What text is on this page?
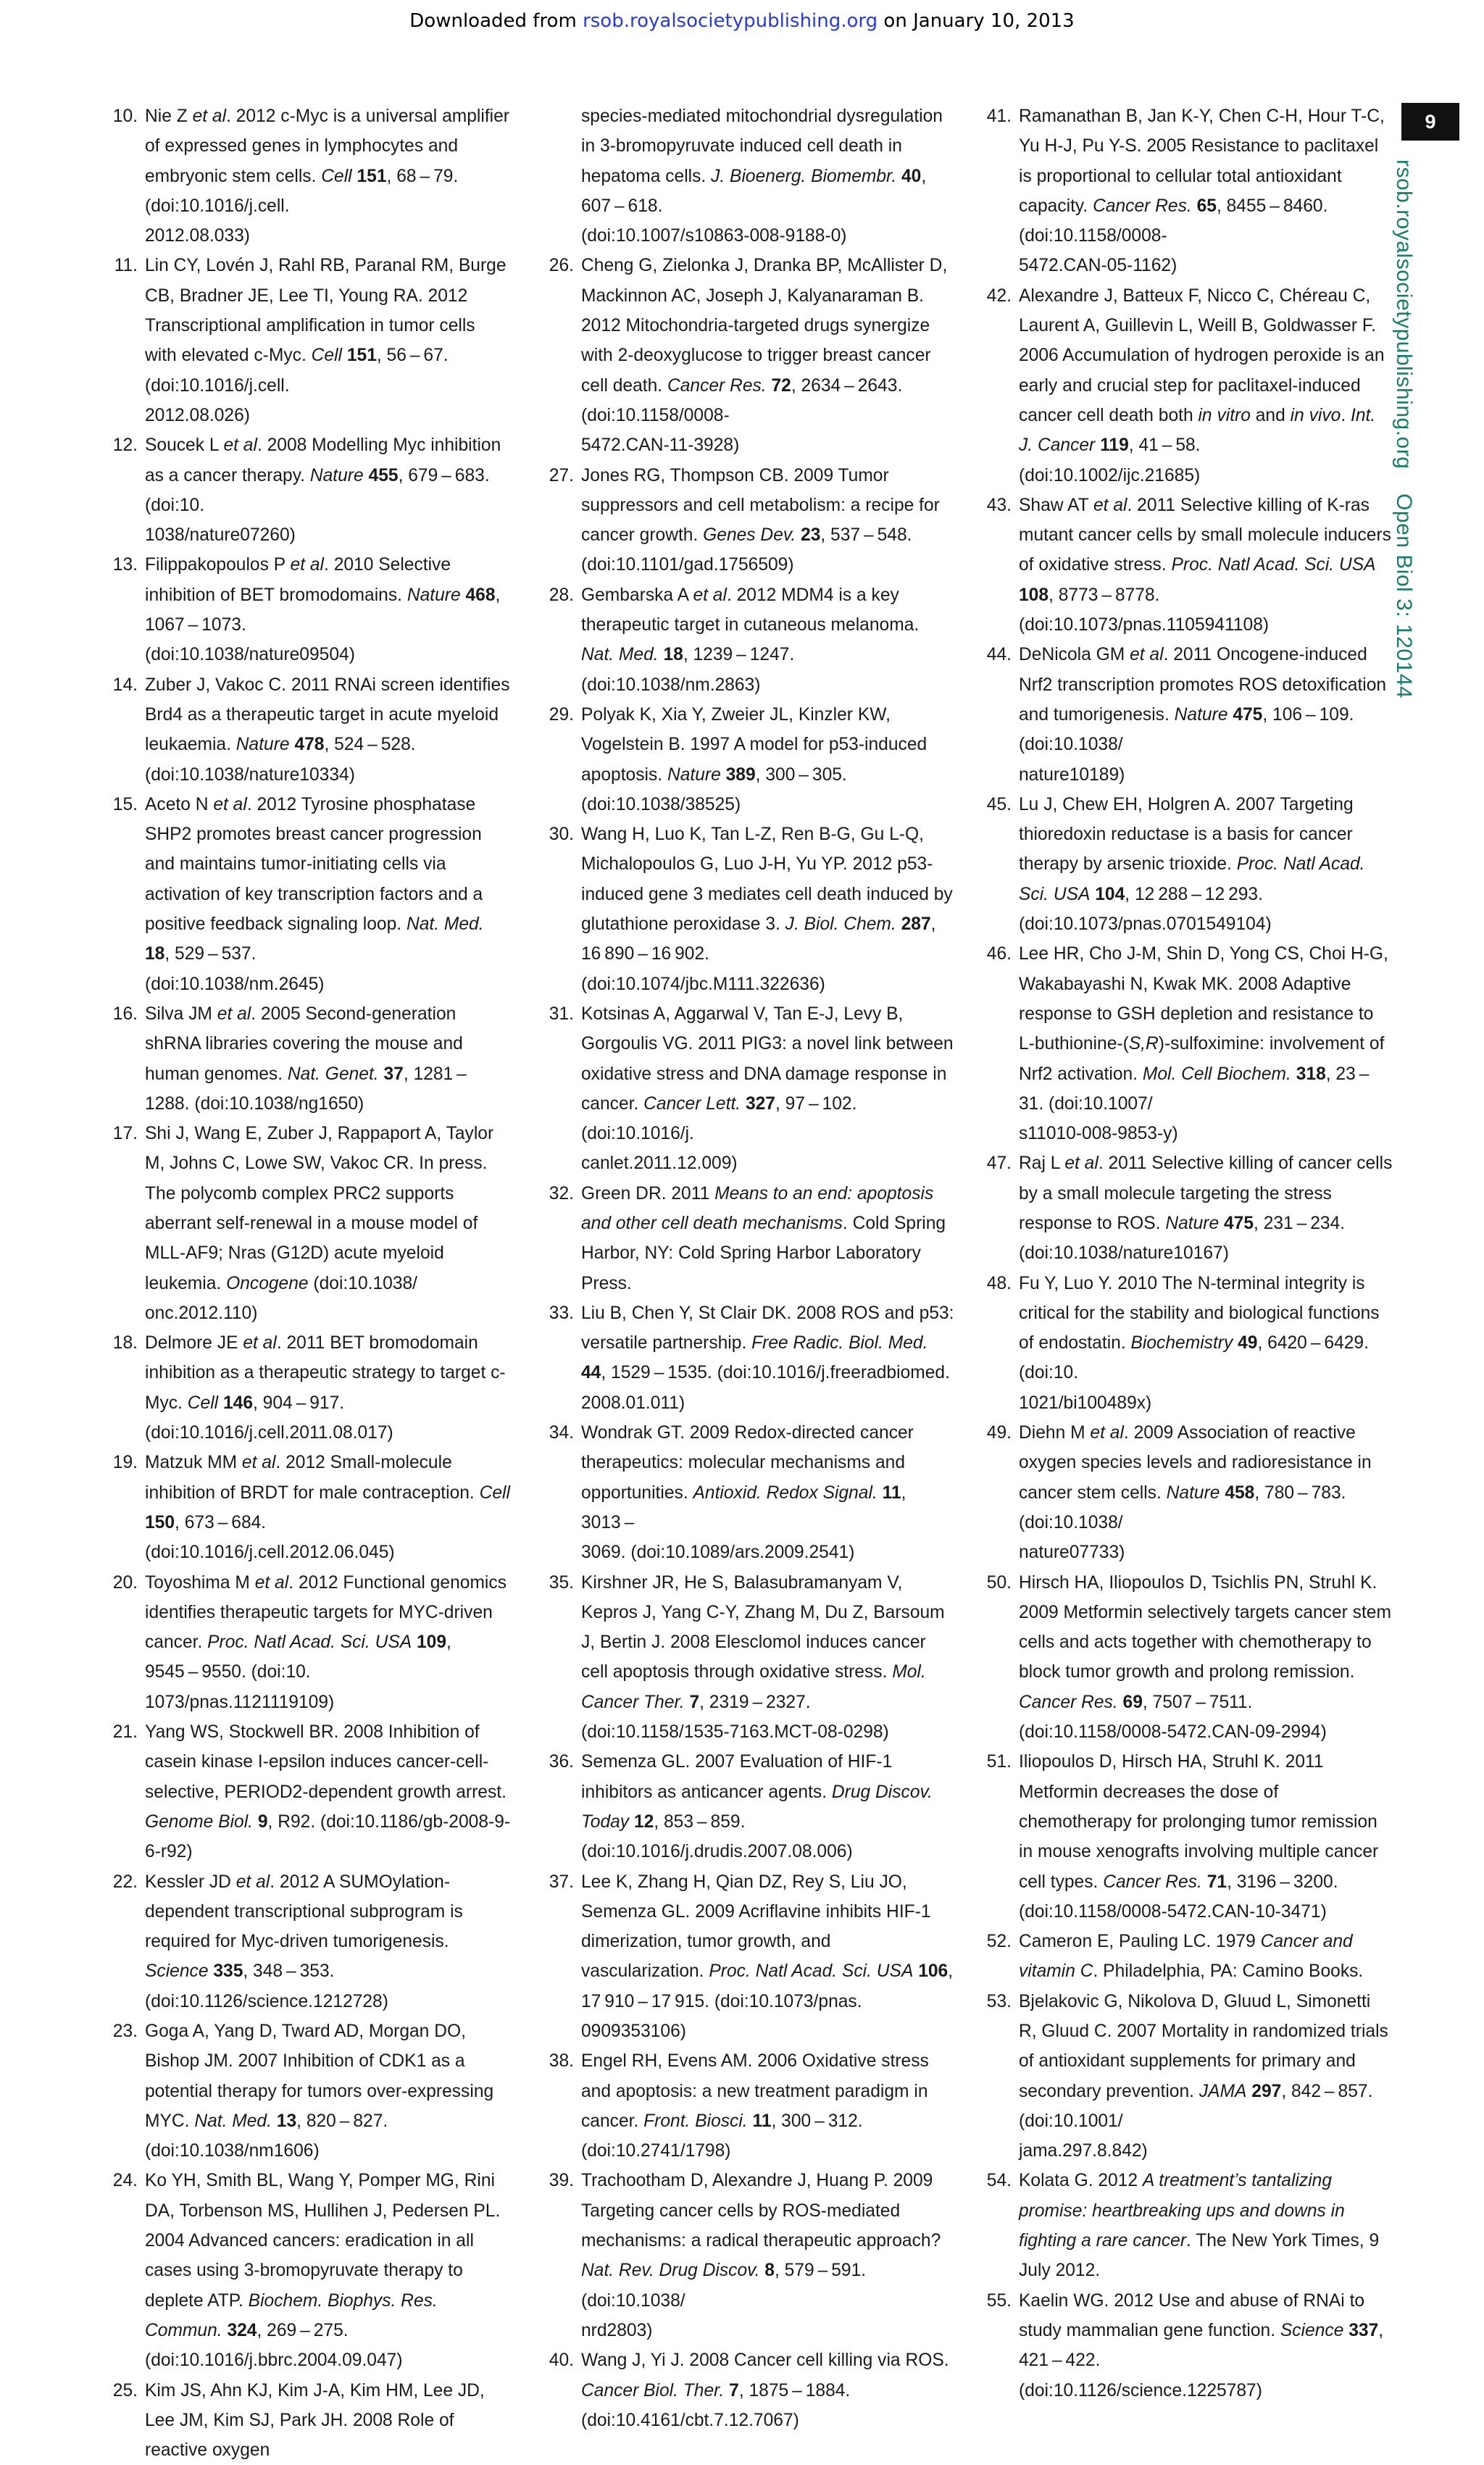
Downloaded from rsob.royalsocietypublishing.org on January 10, 2013
9
rsob.royalsocietypublishing.org  Open Biol 3: 120144
10. Nie Z et al. 2012 c-Myc is a universal amplifier of expressed genes in lymphocytes and embryonic stem cells. Cell 151, 68 – 79. (doi:10.1016/j.cell.
2012.08.033)

11. Lin CY, Lovén J, Rahl RB, Paranal RM, Burge CB, Bradner JE, Lee TI, Young RA. 2012 Transcriptional amplification in tumor cells with elevated c-Myc. Cell 151, 56 – 67. (doi:10.1016/j.cell.
2012.08.026)

12. Soucek L et al. 2008 Modelling Myc inhibition as a cancer therapy. Nature 455, 679 – 683. (doi:10.
1038/nature07260)

13. Filippakopoulos P et al. 2010 Selective inhibition of BET bromodomains. Nature 468, 1067 – 1073.
(doi:10.1038/nature09504)

14. Zuber J, Vakoc C. 2011 RNAi screen identifies Brd4 as a therapeutic target in acute myeloid leukaemia. Nature 478, 524 – 528. (doi:10.1038/nature10334)

15. Aceto N et al. 2012 Tyrosine phosphatase SHP2 promotes breast cancer progression and maintains tumor-initiating cells via activation of key transcription factors and a positive feedback signaling loop. Nat. Med. 18, 529 – 537.
(doi:10.1038/nm.2645)

16. Silva JM et al. 2005 Second-generation shRNA libraries covering the mouse and human genomes. Nat. Genet. 37, 1281 – 1288. (doi:10.1038/ng1650)

17. Shi J, Wang E, Zuber J, Rappaport A, Taylor M, Johns C, Lowe SW, Vakoc CR. In press. The polycomb complex PRC2 supports aberrant self-renewal in a mouse model of MLL-AF9; Nras (G12D) acute myeloid leukemia. Oncogene (doi:10.1038/
onc.2012.110)

18. Delmore JE et al. 2011 BET bromodomain inhibition as a therapeutic strategy to target c-Myc. Cell 146, 904 – 917. (doi:10.1016/j.cell.2011.08.017)

19. Matzuk MM et al. 2012 Small-molecule inhibition of BRDT for male contraception. Cell 150, 673 – 684.
(doi:10.1016/j.cell.2012.06.045)

20. Toyoshima M et al. 2012 Functional genomics identifies therapeutic targets for MYC-driven cancer. Proc. Natl Acad. Sci. USA 109, 9545 – 9550. (doi:10.
1073/pnas.1121119109)

21. Yang WS, Stockwell BR. 2008 Inhibition of casein kinase I-epsilon induces cancer-cell-selective, PERIOD2-dependent growth arrest. Genome Biol. 9, R92. (doi:10.1186/gb-2008-9-6-r92)

22. Kessler JD et al. 2012 A SUMOylation-dependent transcriptional subprogram is required for Myc-driven tumorigenesis. Science 335, 348 – 353.
(doi:10.1126/science.1212728)

23. Goga A, Yang D, Tward AD, Morgan DO, Bishop JM. 2007 Inhibition of CDK1 as a potential therapy for tumors over-expressing MYC. Nat. Med. 13, 820 – 827. (doi:10.1038/nm1606)

24. Ko YH, Smith BL, Wang Y, Pomper MG, Rini DA, Torbenson MS, Hullihen J, Pedersen PL. 2004 Advanced cancers: eradication in all cases using 3-bromopyruvate therapy to deplete ATP. Biochem. Biophys. Res. Commun. 324, 269 – 275.
(doi:10.1016/j.bbrc.2004.09.047)

25. Kim JS, Ahn KJ, Kim J-A, Kim HM, Lee JD, Lee JM, Kim SJ, Park JH. 2008 Role of reactive oxygen

species-mediated mitochondrial dysregulation in 3-bromopyruvate induced cell death in hepatoma cells. J. Bioenerg. Biomembr. 40, 607 – 618.
(doi:10.1007/s10863-008-9188-0)

26. Cheng G, Zielonka J, Dranka BP, McAllister D, Mackinnon AC, Joseph J, Kalyanaraman B. 2012 Mitochondria-targeted drugs synergize with 2-deoxyglucose to trigger breast cancer cell death. Cancer Res. 72, 2634 – 2643. (doi:10.1158/0008-
5472.CAN-11-3928)

27. Jones RG, Thompson CB. 2009 Tumor suppressors and cell metabolism: a recipe for cancer growth. Genes Dev. 23, 537 – 548. (doi:10.1101/gad.1756509)

28. Gembarska A et al. 2012 MDM4 is a key therapeutic target in cutaneous melanoma. Nat. Med. 18, 1239 – 1247. (doi:10.1038/nm.2863)

29. Polyak K, Xia Y, Zweier JL, Kinzler KW, Vogelstein B. 1997 A model for p53-induced apoptosis. Nature 389, 300 – 305. (doi:10.1038/38525)

30. Wang H, Luo K, Tan L-Z, Ren B-G, Gu L-Q, Michalopoulos G, Luo J-H, Yu YP. 2012 p53-induced gene 3 mediates cell death induced by glutathione peroxidase 3. J. Biol. Chem. 287, 16 890 – 16 902.
(doi:10.1074/jbc.M111.322636)

31. Kotsinas A, Aggarwal V, Tan E-J, Levy B, Gorgoulis VG. 2011 PIG3: a novel link between oxidative stress and DNA damage response in cancer. Cancer Lett. 327, 97 – 102. (doi:10.1016/j.
canlet.2011.12.009)

32. Green DR. 2011 Means to an end: apoptosis and other cell death mechanisms. Cold Spring Harbor, NY: Cold Spring Harbor Laboratory Press.

33. Liu B, Chen Y, St Clair DK. 2008 ROS and p53: versatile partnership. Free Radic. Biol. Med. 44, 1529 – 1535. (doi:10.1016/j.freeradbiomed.
2008.01.011)

34. Wondrak GT. 2009 Redox-directed cancer therapeutics: molecular mechanisms and opportunities. Antioxid. Redox Signal. 11, 3013 –
3069. (doi:10.1089/ars.2009.2541)

35. Kirshner JR, He S, Balasubramanyam V, Kepros J, Yang C-Y, Zhang M, Du Z, Barsoum J, Bertin J. 2008 Elesclomol induces cancer cell apoptosis through oxidative stress. Mol. Cancer Ther. 7, 2319 – 2327.
(doi:10.1158/1535-7163.MCT-08-0298)

36. Semenza GL. 2007 Evaluation of HIF-1 inhibitors as anticancer agents. Drug Discov. Today 12, 853 – 859.
(doi:10.1016/j.drudis.2007.08.006)

37. Lee K, Zhang H, Qian DZ, Rey S, Liu JO, Semenza GL. 2009 Acriflavine inhibits HIF-1 dimerization, tumor growth, and vascularization. Proc. Natl Acad. Sci. USA 106, 17 910 – 17 915. (doi:10.1073/pnas.
0909353106)

38. Engel RH, Evens AM. 2006 Oxidative stress and apoptosis: a new treatment paradigm in cancer. Front. Biosci. 11, 300 – 312. (doi:10.2741/1798)

39. Trachootham D, Alexandre J, Huang P. 2009 Targeting cancer cells by ROS-mediated mechanisms: a radical therapeutic approach? Nat. Rev. Drug Discov. 8, 579 – 591. (doi:10.1038/
nrd2803)

40. Wang J, Yi J. 2008 Cancer cell killing via ROS. Cancer Biol. Ther. 7, 1875 – 1884. (doi:10.4161/cbt.7.12.7067)

41. Ramanathan B, Jan K-Y, Chen C-H, Hour T-C, Yu H-J, Pu Y-S. 2005 Resistance to paclitaxel is proportional to cellular total antioxidant capacity. Cancer Res. 65, 8455 – 8460. (doi:10.1158/0008-
5472.CAN-05-1162)

42. Alexandre J, Batteux F, Nicco C, Chéreau C, Laurent A, Guillevin L, Weill B, Goldwasser F. 2006 Accumulation of hydrogen peroxide is an early and crucial step for paclitaxel-induced cancer cell death both in vitro and in vivo. Int. J. Cancer 119, 41 – 58.
(doi:10.1002/ijc.21685)

43. Shaw AT et al. 2011 Selective killing of K-ras mutant cancer cells by small molecule inducers of oxidative stress. Proc. Natl Acad. Sci. USA 108, 8773 – 8778.
(doi:10.1073/pnas.1105941108)

44. DeNicola GM et al. 2011 Oncogene-induced Nrf2 transcription promotes ROS detoxification and tumorigenesis. Nature 475, 106 – 109. (doi:10.1038/
nature10189)

45. Lu J, Chew EH, Holgren A. 2007 Targeting thioredoxin reductase is a basis for cancer therapy by arsenic trioxide. Proc. Natl Acad. Sci. USA 104, 12 288 – 12 293. (doi:10.1073/pnas.0701549104)

46. Lee HR, Cho J-M, Shin D, Yong CS, Choi H-G, Wakabayashi N, Kwak MK. 2008 Adaptive response to GSH depletion and resistance to L-buthionine-(S,R)-sulfoximine: involvement of Nrf2 activation. Mol. Cell Biochem. 318, 23 – 31. (doi:10.1007/
s11010-008-9853-y)

47. Raj L et al. 2011 Selective killing of cancer cells by a small molecule targeting the stress response to ROS. Nature 475, 231 – 234. (doi:10.1038/nature10167)

48. Fu Y, Luo Y. 2010 The N-terminal integrity is critical for the stability and biological functions of endostatin. Biochemistry 49, 6420 – 6429. (doi:10.
1021/bi100489x)

49. Diehn M et al. 2009 Association of reactive oxygen species levels and radioresistance in cancer stem cells. Nature 458, 780 – 783. (doi:10.1038/
nature07733)

50. Hirsch HA, Iliopoulos D, Tsichlis PN, Struhl K. 2009 Metformin selectively targets cancer stem cells and acts together with chemotherapy to block tumor growth and prolong remission. Cancer Res. 69, 7507 – 7511. (doi:10.1158/0008-5472.CAN-09-2994)

51. Iliopoulos D, Hirsch HA, Struhl K. 2011 Metformin decreases the dose of chemotherapy for prolonging tumor remission in mouse xenografts involving multiple cancer cell types. Cancer Res. 71, 3196 – 3200. (doi:10.1158/0008-5472.CAN-10-3471)

52. Cameron E, Pauling LC. 1979 Cancer and vitamin C. Philadelphia, PA: Camino Books.

53. Bjelakovic G, Nikolova D, Gluud L, Simonetti R, Gluud C. 2007 Mortality in randomized trials of antioxidant supplements for primary and secondary prevention. JAMA 297, 842 – 857. (doi:10.1001/
jama.297.8.842)

54. Kolata G. 2012 A treatment’s tantalizing promise: heartbreaking ups and downs in fighting a rare cancer. The New York Times, 9 July 2012.

55. Kaelin WG. 2012 Use and abuse of RNAi to study mammalian gene function. Science 337, 421 – 422.
(doi:10.1126/science.1225787)
